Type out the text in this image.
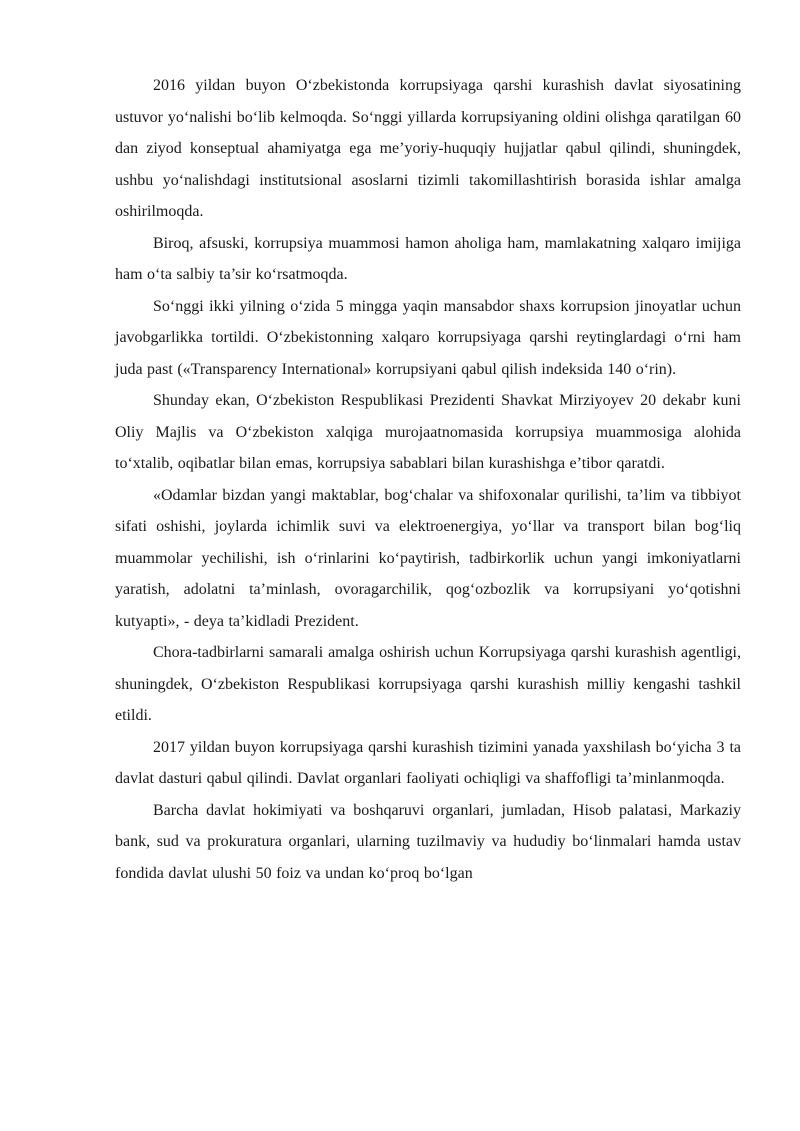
2016 yildan buyon O‘zbekistonda korrupsiyaga qarshi kurashish davlat siyosatining ustuvor yo‘nalishi bo‘lib kelmoqda. So‘nggi yillarda korrupsiyaning oldini olishga qaratilgan 60 dan ziyod konseptual ahamiyatga ega me’yoriy-huquqiy hujjatlar qabul qilindi, shuningdek, ushbu yo‘nalishdagi institutsional asoslarni tizimli takomillashtirish borasida ishlar amalga oshirilmoqda.

Biroq, afsuski, korrupsiya muammosi hamon aholiga ham, mamlakatning xalqaro imijiga ham o‘ta salbiy ta’sir ko‘rsatmoqda.

So‘nggi ikki yilning o‘zida 5 mingga yaqin mansabdor shaxs korrupsion jinoyatlar uchun javobgarlikka tortildi. O‘zbekistonning xalqaro korrupsiyaga qarshi reytinglardagi o‘rni ham juda past («Transparency International» korrupsiyani qabul qilish indeksida 140 o‘rin).

Shunday ekan, O‘zbekiston Respublikasi Prezidenti Shavkat Mirziyoyev 20 dekabr kuni Oliy Majlis va O‘zbekiston xalqiga murojaatnomasida korrupsiya muammosiga alohida to‘xtalib, oqibatlar bilan emas, korrupsiya sabablari bilan kurashishga e’tibor qaratdi.

«Odamlar bizdan yangi maktablar, bog‘chalar va shifoxonalar qurilishi, ta’lim va tibbiyot sifati oshishi, joylarda ichimlik suvi va elektroenergiya, yo‘llar va transport bilan bog‘liq muammolar yechilishi, ish o‘rinlarini ko‘paytirish, tadbirkorlik uchun yangi imkoniyatlarni yaratish, adolatni ta’minlash, ovoragarchilik, qog‘ozbozlik va korrupsiyani yo‘qotishni kutyapti», - deya ta’kidladi Prezident.

Chora-tadbirlarni samarali amalga oshirish uchun Korrupsiyaga qarshi kurashish agentligi, shuningdek, O‘zbekiston Respublikasi korrupsiyaga qarshi kurashish milliy kengashi tashkil etildi.

2017 yildan buyon korrupsiyaga qarshi kurashish tizimini yanada yaxshilash bo‘yicha 3 ta davlat dasturi qabul qilindi. Davlat organlari faoliyati ochiqligi va shaffofligi ta’minlanmoqda.

Barcha davlat hokimiyati va boshqaruvi organlari, jumladan, Hisob palatasi, Markaziy bank, sud va prokuratura organlari, ularning tuzilmaviy va hududiy bo‘linmalari hamda ustav fondida davlat ulushi 50 foiz va undan ko‘proq bo‘lgan
